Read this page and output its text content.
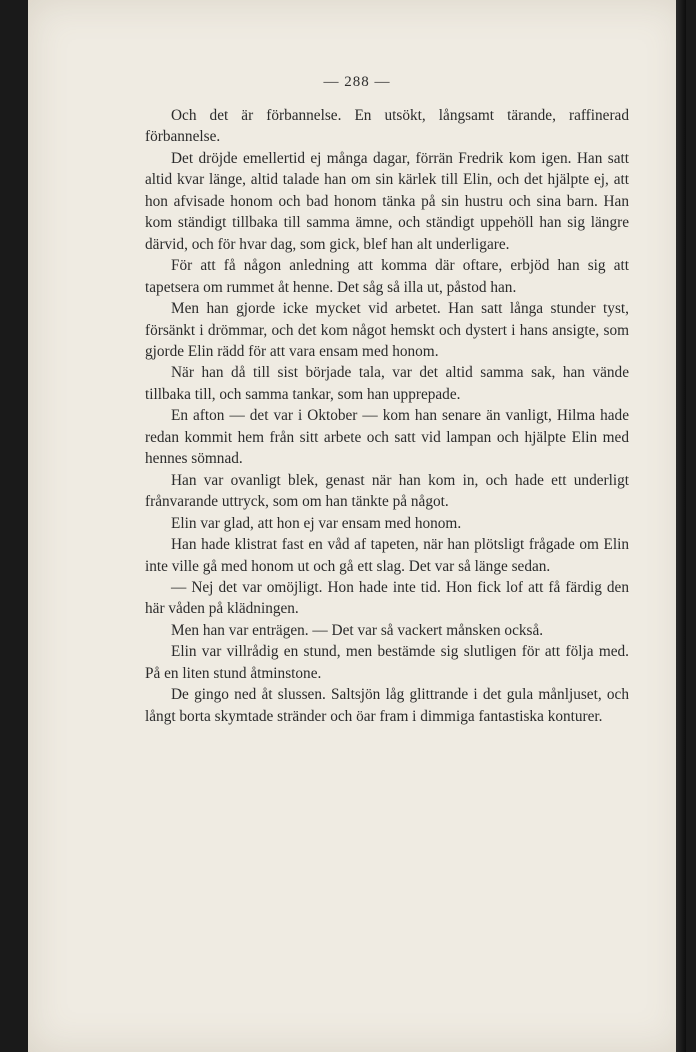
— 288 —

Och det är förbannelse. En utsökt, långsamt tärande, raffinerad förbannelse.

Det dröjde emellertid ej många dagar, förrän Fredrik kom igen. Han satt altid kvar länge, altid talade han om sin kärlek till Elin, och det hjälpte ej, att hon afvisade honom och bad honom tänka på sin hustru och sina barn. Han kom ständigt tillbaka till samma ämne, och ständigt uppehöll han sig längre därvid, och för hvar dag, som gick, blef han alt underligare.

För att få någon anledning att komma där oftare, erbjöd han sig att tapetsera om rummet åt henne. Det såg så illa ut, påstod han.

Men han gjorde icke mycket vid arbetet. Han satt långa stunder tyst, försänkt i drömmar, och det kom något hemskt och dystert i hans ansigte, som gjorde Elin rädd för att vara ensam med honom.

När han då till sist började tala, var det altid samma sak, han vände tillbaka till, och samma tankar, som han upprepade.

En afton — det var i Oktober — kom han senare än vanligt, Hilma hade redan kommit hem från sitt arbete och satt vid lampan och hjälpte Elin med hennes sömnad.

Han var ovanligt blek, genast när han kom in, och hade ett underligt frånvarande uttryck, som om han tänkte på något.

Elin var glad, att hon ej var ensam med honom.

Han hade klistrat fast en våd af tapeten, när han plötsligt frågade om Elin inte ville gå med honom ut och gå ett slag. Det var så länge sedan.

— Nej det var omöjligt. Hon hade inte tid. Hon fick lof att få färdig den här våden på klädningen.

Men han var enträgen. — Det var så vackert månsken också.

Elin var villrådig en stund, men bestämde sig slutligen för att följa med. På en liten stund åtminstone.

De gingo ned åt slussen. Saltsjön låg glittrande i det gula månljuset, och långt borta skymtade stränder och öar fram i dimmiga fantastiska konturer.
